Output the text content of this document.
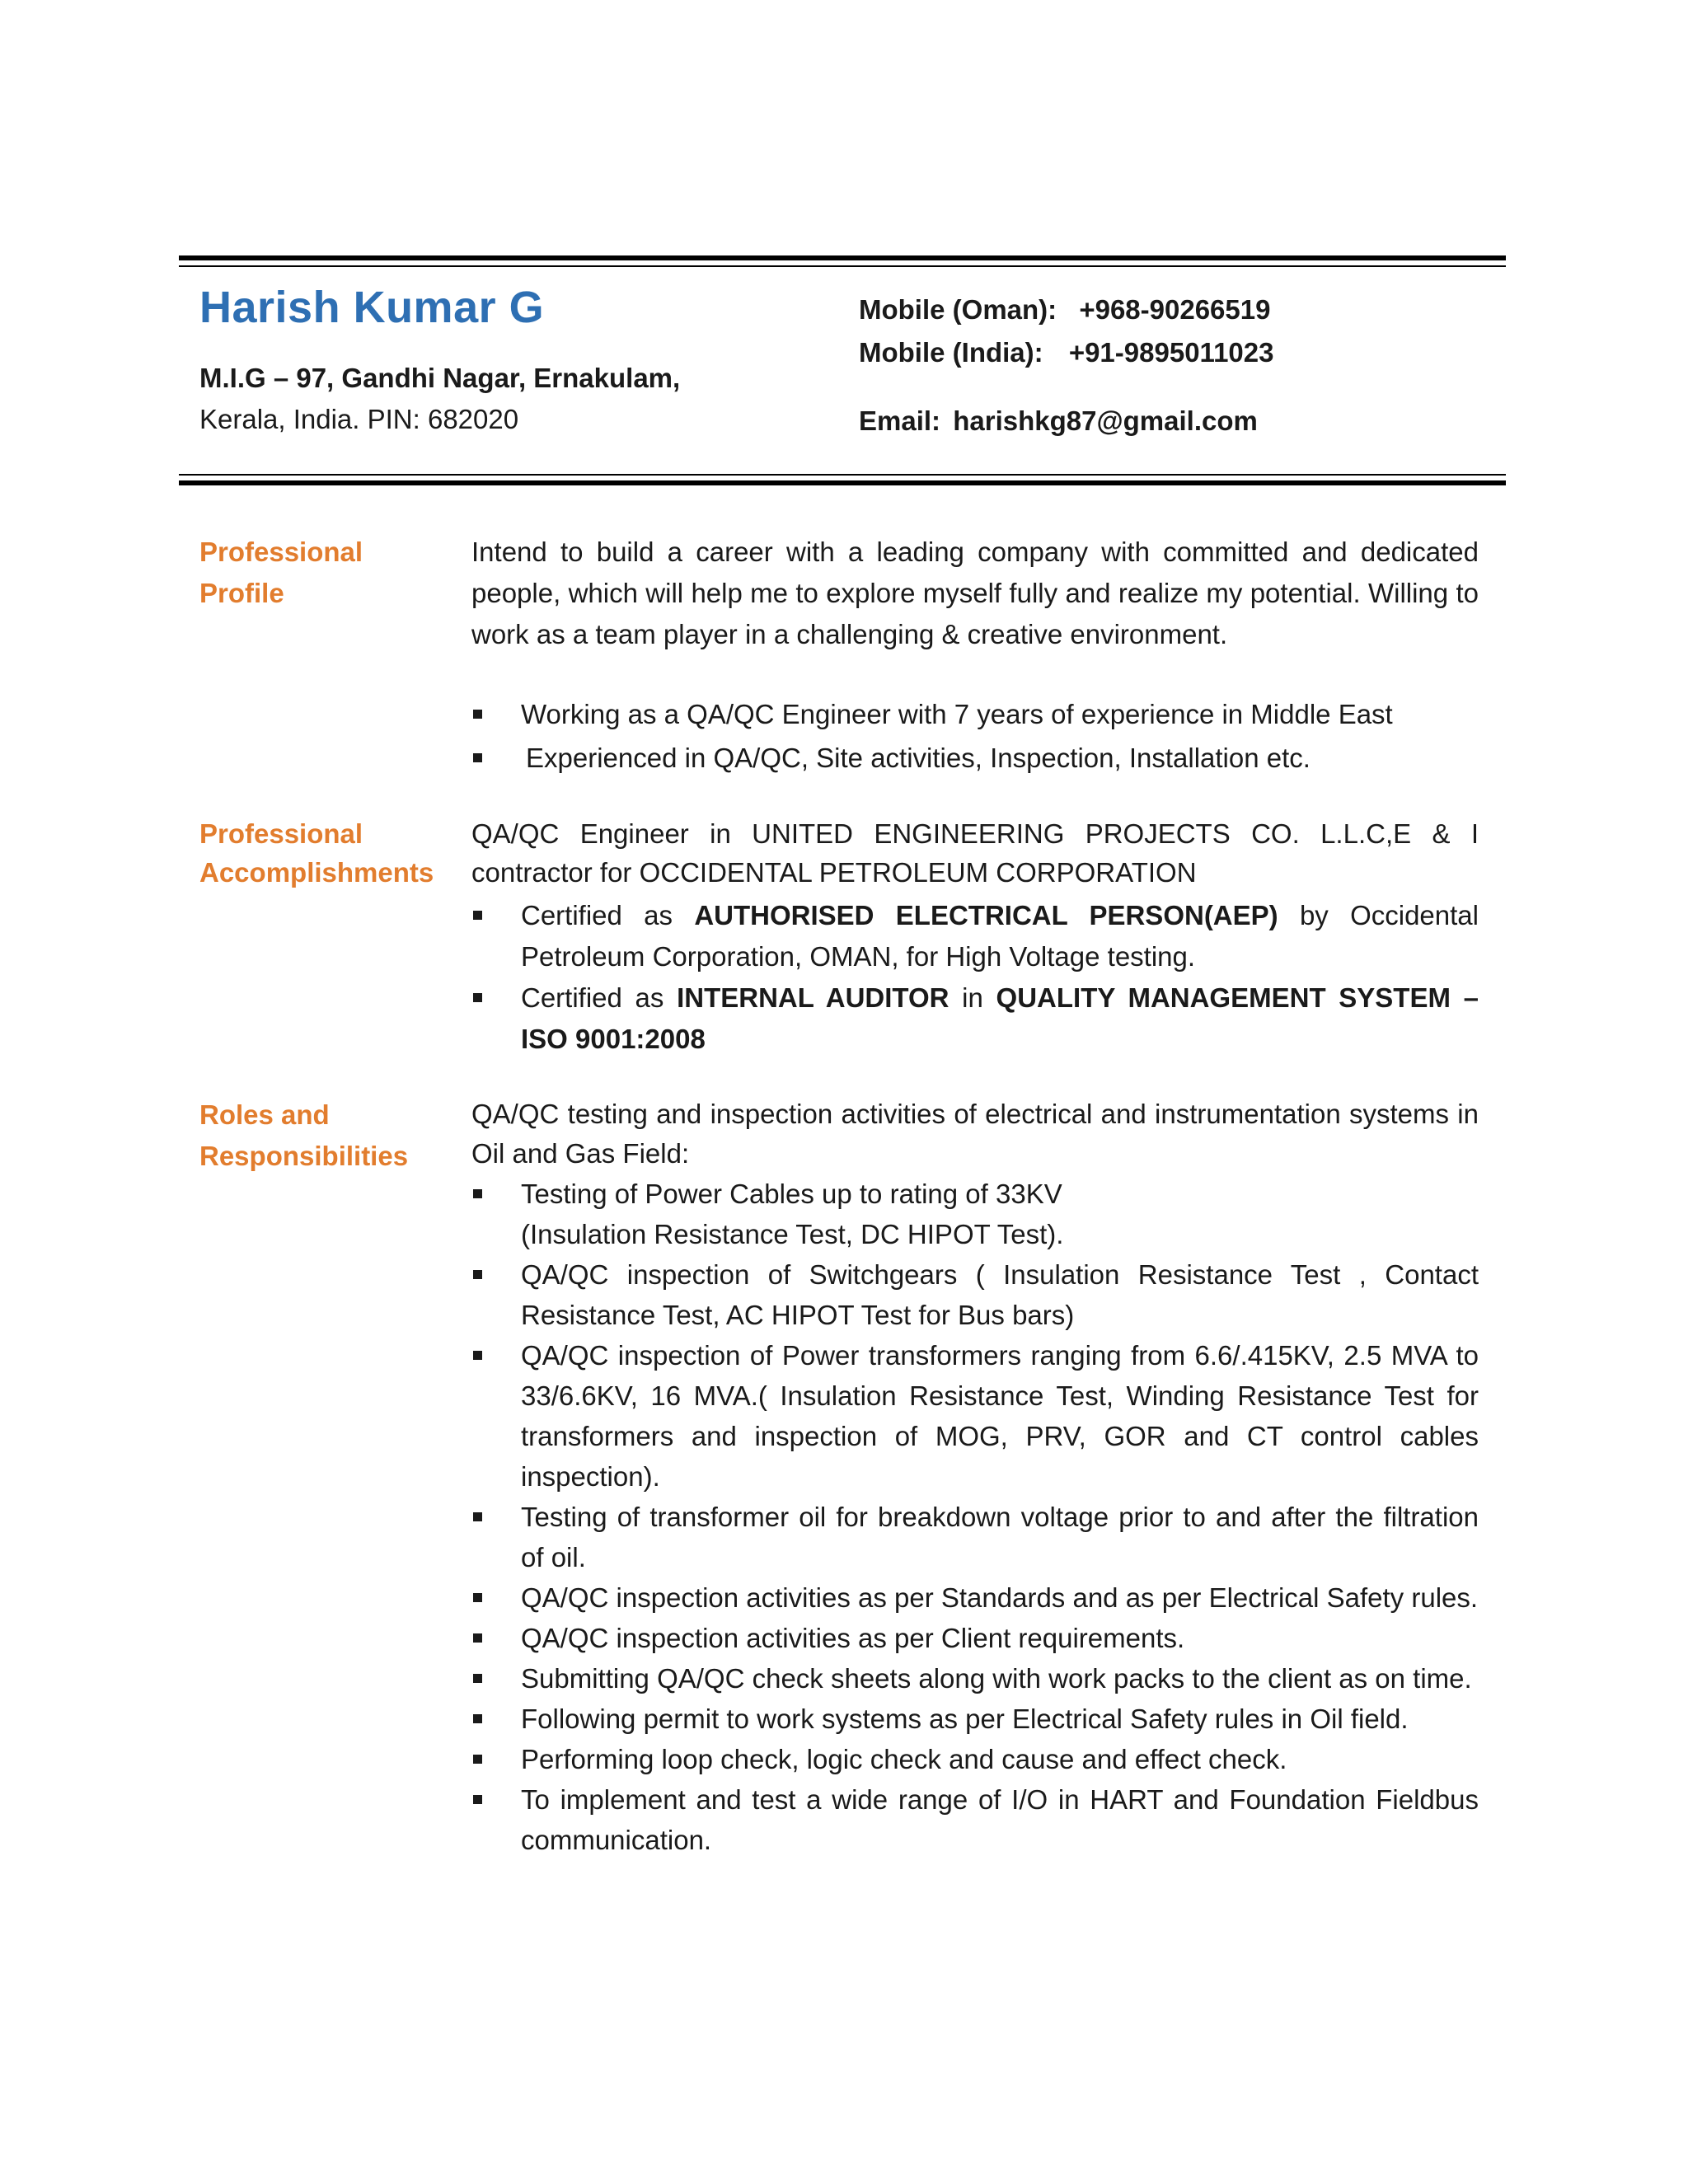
Harish Kumar G
M.I.G – 97, Gandhi Nagar, Ernakulam,
Kerala, India. PIN: 682020
Mobile (Oman): +968-90266519
Mobile (India): +91-9895011023
Email: harishkg87@gmail.com
Professional
Profile

Intend to build a career with a leading company with committed and dedicated people, which will help me to explore myself fully and realize my potential. Willing to work as a team player in a challenging & creative environment.

Working as a QA/QC Engineer with 7 years of experience in Middle East
Experienced in QA/QC, Site activities, Inspection, Installation etc.
Professional
Accomplishments

QA/QC Engineer in UNITED ENGINEERING PROJECTS CO. L.L.C,E & I contractor for OCCIDENTAL PETROLEUM CORPORATION

Certified as AUTHORISED ELECTRICAL PERSON(AEP) by Occidental Petroleum Corporation, OMAN, for High Voltage testing.
Certified as INTERNAL AUDITOR in QUALITY MANAGEMENT SYSTEM – ISO 9001:2008
Roles and
Responsibilities

QA/QC testing and inspection activities of electrical and instrumentation systems in Oil and Gas Field:

Testing of Power Cables up to rating of 33KV
(Insulation Resistance Test, DC HIPOT Test).
QA/QC inspection of Switchgears ( Insulation Resistance Test , Contact Resistance Test, AC HIPOT Test for Bus bars)
QA/QC inspection of Power transformers ranging from 6.6/.415KV, 2.5 MVA to 33/6.6KV, 16 MVA.( Insulation Resistance Test, Winding Resistance Test for transformers and inspection of MOG, PRV, GOR and CT control cables inspection).
Testing of transformer oil for breakdown voltage prior to and after the filtration of oil.
QA/QC inspection activities as per Standards and as per Electrical Safety rules.
QA/QC inspection activities as per Client requirements.
Submitting QA/QC check sheets along with work packs to the client as on time.
Following permit to work systems as per Electrical Safety rules in Oil field.
Performing loop check, logic check and cause and effect check.
To implement and test a wide range of I/O in HART and Foundation Fieldbus communication.
